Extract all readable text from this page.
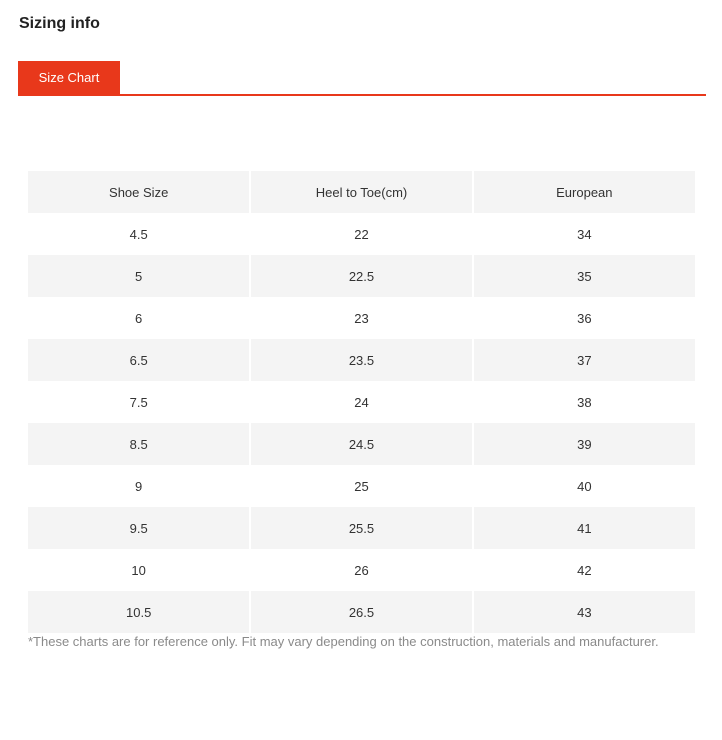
Sizing info
Size Chart
Shoe Size	Heel to Toe(cm)	European
4.5	22	34
5	22.5	35
6	23	36
6.5	23.5	37
7.5	24	38
8.5	24.5	39
9	25	40
9.5	25.5	41
10	26	42
10.5	26.5	43

*These charts are for reference only. Fit may vary depending on the construction, materials and manufacturer.
